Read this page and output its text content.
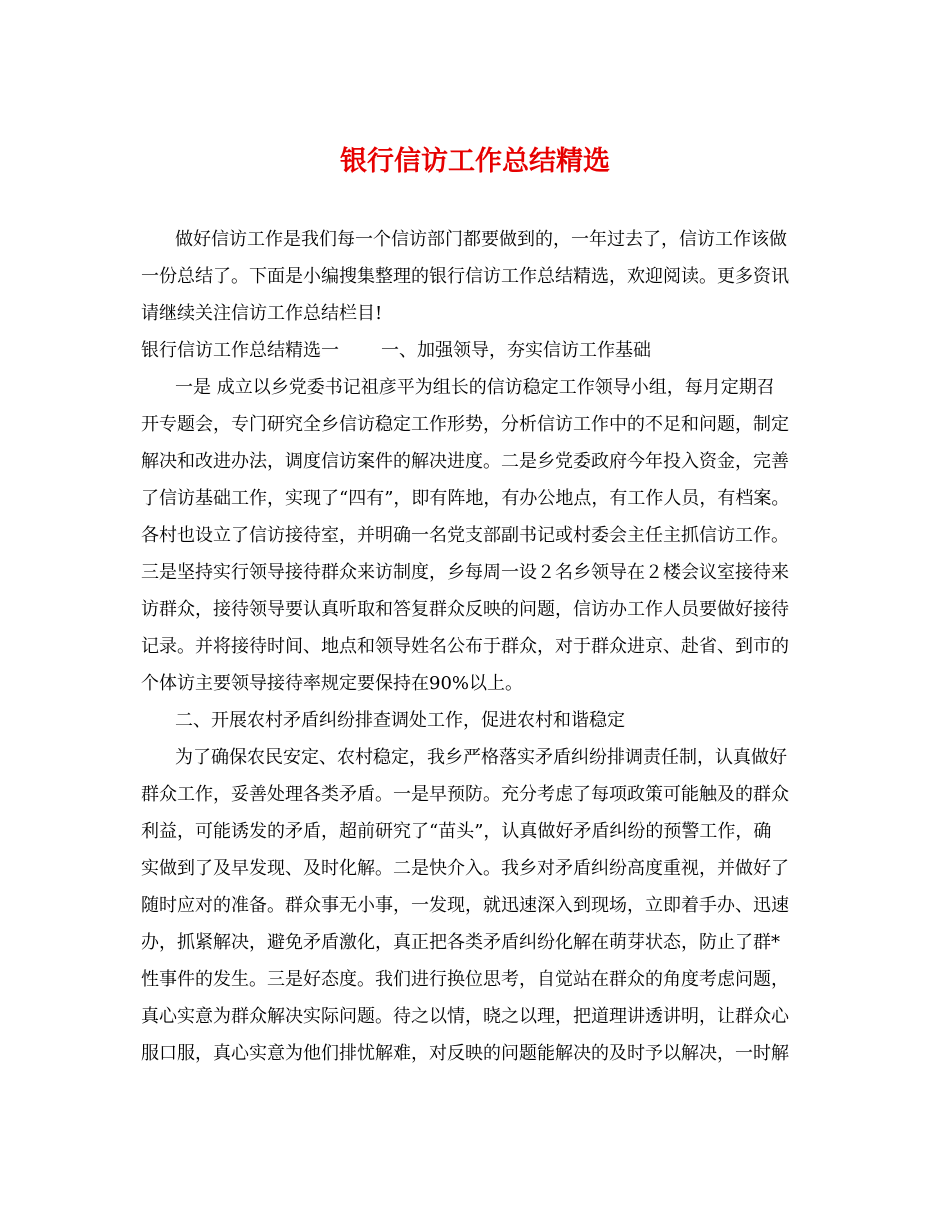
银行信访工作总结精选

做好信访工作是我们每一个信访部门都要做到的，一年过去了，信访工作该做

一份总结了。下面是小编搜集整理的银行信访工作总结精选，欢迎阅读。更多资讯

请继续关注信访工作总结栏目!

银行信访工作总结精选一 一、加强领导，夯实信访工作基础

一是 成立以乡党委书记祖彦平为组长的信访稳定工作领导小组，每月定期召

开专题会，专门研究全乡信访稳定工作形势，分析信访工作中的不足和问题，制定

解决和改进办法，调度信访案件的解决进度。二是乡党委政府今年投入资金，完善

了信访基础工作，实现了“四有”，即有阵地，有办公地点，有工作人员，有档案。

各村也设立了信访接待室，并明确一名党支部副书记或村委会主任主抓信访工作。

三是坚持实行领导接待群众来访制度，乡每周一设２名乡领导在２楼会议室接待来

访群众，接待领导要认真听取和答复群众反映的问题，信访办工作人员要做好接待

记录。并将接待时间、地点和领导姓名公布于群众，对于群众进京、赴省、到市的

个体访主要领导接待率规定要保持在90%以上。

二、开展农村矛盾纠纷排查调处工作，促进农村和谐稳定

为了确保农民安定、农村稳定，我乡严格落实矛盾纠纷排调责任制，认真做好

群众工作，妥善处理各类矛盾。一是早预防。充分考虑了每项政策可能触及的群众

利益，可能诱发的矛盾，超前研究了“苗头”，认真做好矛盾纠纷的预警工作，确

实做到了及早发现、及时化解。二是快介入。我乡对矛盾纠纷高度重视，并做好了

随时应对的准备。群众事无小事，一发现，就迅速深入到现场，立即着手办、迅速

办，抓紧解决，避免矛盾激化，真正把各类矛盾纠纷化解在萌芽状态，防止了群*

性事件的发生。三是好态度。我们进行换位思考，自觉站在群众的角度考虑问题，

真心实意为群众解决实际问题。待之以情，晓之以理，把道理讲透讲明，让群众心

服口服，真心实意为他们排忧解难，对反映的问题能解决的及时予以解决，一时解
